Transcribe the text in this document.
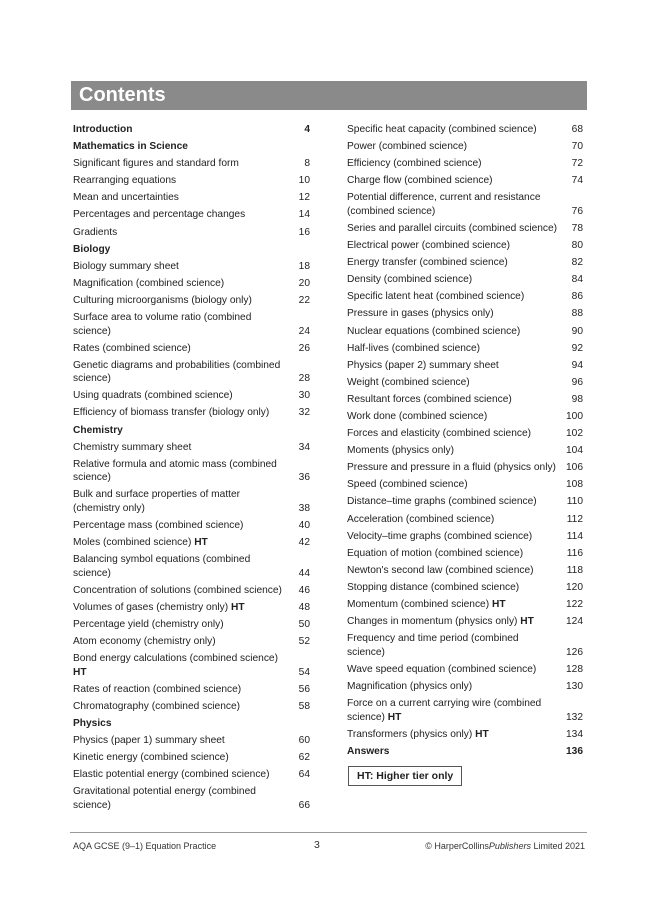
Contents
Introduction	4
Mathematics in Science
Significant figures and standard form	8
Rearranging equations	10
Mean and uncertainties	12
Percentages and percentage changes	14
Gradients	16
Biology
Biology summary sheet	18
Magnification (combined science)	20
Culturing microorganisms (biology only)	22
Surface area to volume ratio (combined science)	24
Rates (combined science)	26
Genetic diagrams and probabilities (combined science)	28
Using quadrats (combined science)	30
Efficiency of biomass transfer (biology only)	32
Chemistry
Chemistry summary sheet	34
Relative formula and atomic mass (combined science)	36
Bulk and surface properties of matter (chemistry only)	38
Percentage mass (combined science)	40
Moles (combined science) HT	42
Balancing symbol equations (combined science)	44
Concentration of solutions (combined science) 46
Volumes of gases (chemistry only) HT	48
Percentage yield (chemistry only)	50
Atom economy (chemistry only)	52
Bond energy calculations (combined science) HT	54
Rates of reaction (combined science)	56
Chromatography (combined science)	58
Physics
Physics (paper 1) summary sheet	60
Kinetic energy (combined science)	62
Elastic potential energy (combined science)	64
Gravitational potential energy (combined science)	66
Specific heat capacity (combined science)	68
Power (combined science)	70
Efficiency (combined science)	72
Charge flow (combined science)	74
Potential difference, current and resistance (combined science)	76
Series and parallel circuits (combined science) 78
Electrical power (combined science)	80
Energy transfer (combined science)	82
Density (combined science)	84
Specific latent heat (combined science)	86
Pressure in gases (physics only)	88
Nuclear equations (combined science)	90
Half-lives (combined science)	92
Physics (paper 2) summary sheet	94
Weight (combined science)	96
Resultant forces (combined science)	98
Work done (combined science)	100
Forces and elasticity (combined science)	102
Moments (physics only)	104
Pressure and pressure in a fluid (physics only) 106
Speed (combined science)	108
Distance–time graphs (combined science)	110
Acceleration (combined science)	112
Velocity–time graphs (combined science)	114
Equation of motion (combined science)	116
Newton's second law (combined science)	118
Stopping distance (combined science)	120
Momentum (combined science) HT	122
Changes in momentum (physics only) HT	124
Frequency and time period (combined science)	126
Wave speed equation (combined science)	128
Magnification (physics only)	130
Force on a current carrying wire (combined science) HT	132
Transformers (physics only) HT	134
Answers	136
HT: Higher tier only
AQA GCSE (9–1) Equation Practice	3	© HarperCollinsPublishers Limited 2021
